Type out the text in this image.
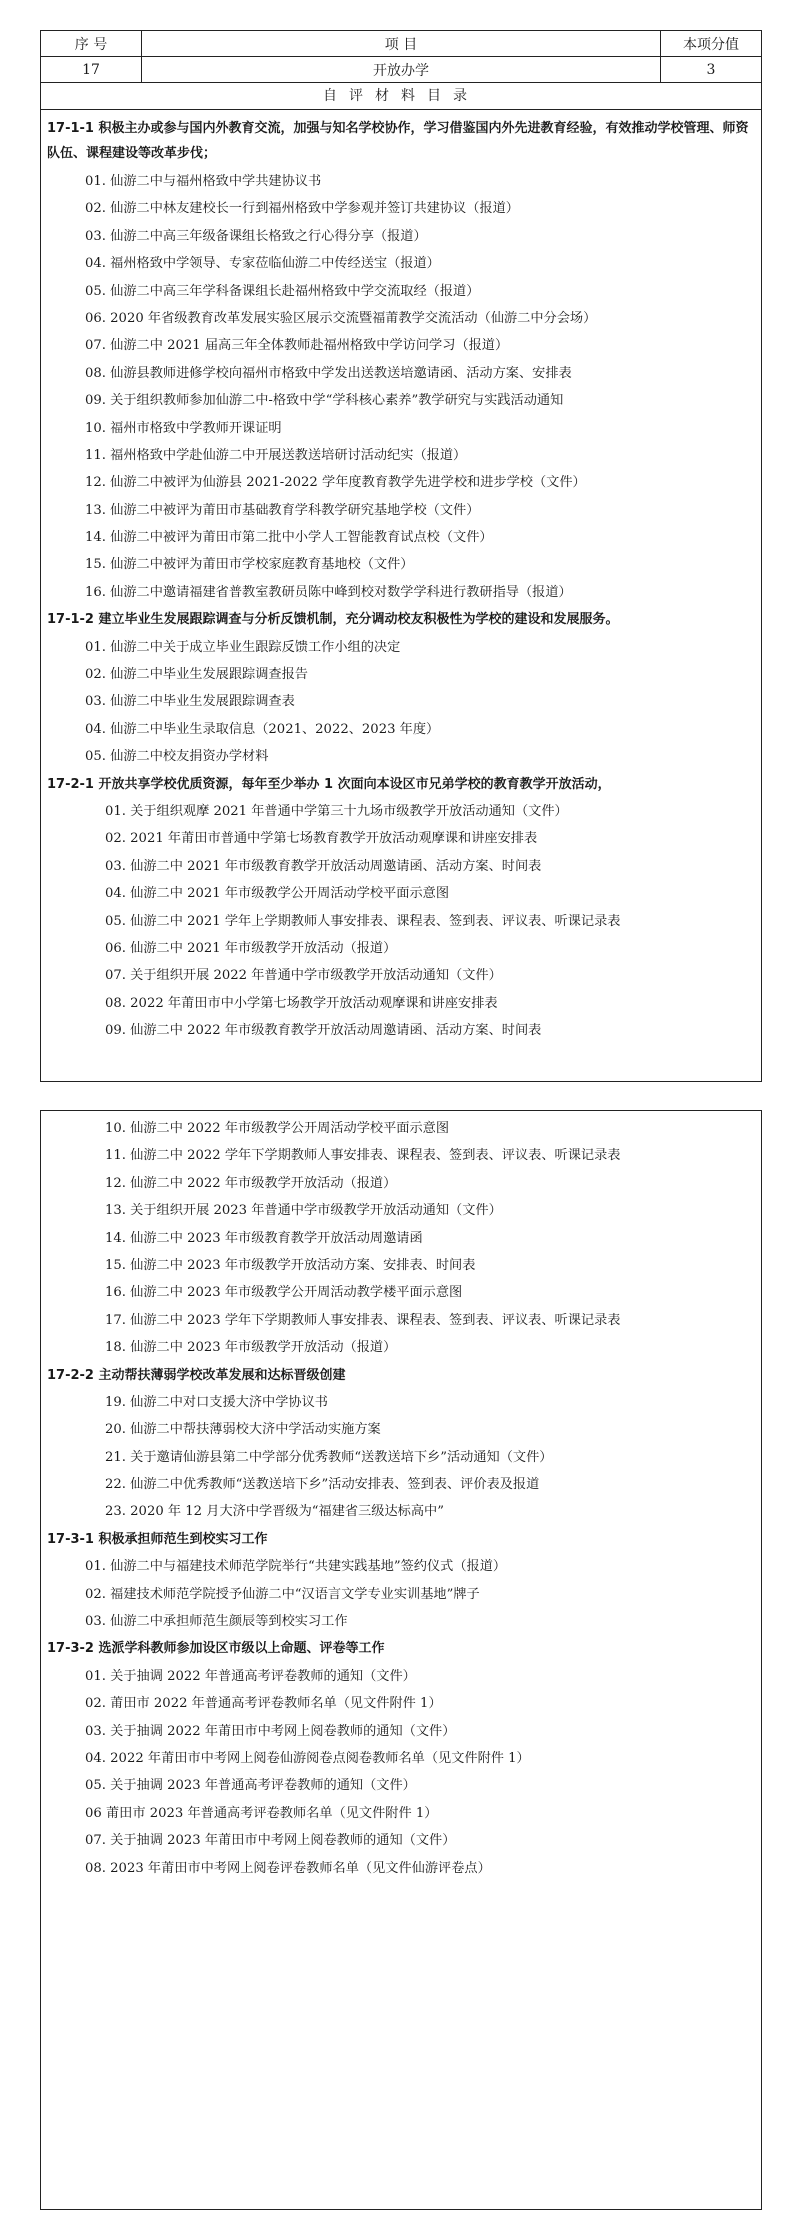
序 号	项 目	本项分值
17	开放办学	3
自评材料目录
17-1-1 积极主办或参与国内外教育交流，加强与知名学校协作，学习借鉴国内外先进教育经验，有效推动学校管理、师资队伍、课程建设等改革步伐；
01. 仙游二中与福州格致中学共建协议书
02. 仙游二中林友建校长一行到福州格致中学参观并签订共建协议（报道）
03. 仙游二中高三年级备课组长格致之行心得分享（报道）
04. 福州格致中学领导、专家莅临仙游二中传经送宝（报道）
05. 仙游二中高三年学科备课组长赴福州格致中学交流取经（报道）
06. 2020 年省级教育改革发展实验区展示交流暨福莆教学交流活动（仙游二中分会场）
07. 仙游二中 2021 届高三年全体教师赴福州格致中学访问学习（报道）
08. 仙游县教师进修学校向福州市格致中学发出送教送培邀请函、活动方案、安排表
09. 关于组织教师参加仙游二中-格致中学“学科核心素养”教学研究与实践活动通知
10. 福州市格致中学教师开课证明
11. 福州格致中学赴仙游二中开展送教送培研讨活动纪实（报道）
12. 仙游二中被评为仙游县 2021-2022 学年度教育教学先进学校和进步学校（文件）
13. 仙游二中被评为莆田市基础教育学科教学研究基地学校（文件）
14. 仙游二中被评为莆田市第二批中小学人工智能教育试点校（文件）
15. 仙游二中被评为莆田市学校家庭教育基地校（文件）
16. 仙游二中邀请福建省普教室教研员陈中峰到校对数学学科进行教研指导（报道）
17-1-2 建立毕业生发展跟踪调查与分析反馈机制，充分调动校友积极性为学校的建设和发展服务。
01. 仙游二中关于成立毕业生跟踪反馈工作小组的决定
02. 仙游二中毕业生发展跟踪调查报告
03. 仙游二中毕业生发展跟踪调查表
04. 仙游二中毕业生录取信息（2021、2022、2023 年度）
05. 仙游二中校友捐资办学材料
17-2-1 开放共享学校优质资源，每年至少举办 1 次面向本设区市兄弟学校的教育教学开放活动，
01. 关于组织观摩 2021 年普通中学第三十九场市级教学开放活动通知（文件）
02. 2021 年莆田市普通中学第七场教育教学开放活动观摩课和讲座安排表
03. 仙游二中 2021 年市级教育教学开放活动周邀请函、活动方案、时间表
04. 仙游二中 2021 年市级教学公开周活动学校平面示意图
05. 仙游二中 2021 学年上学期教师人事安排表、课程表、签到表、评议表、听课记录表
06. 仙游二中 2021 年市级教学开放活动（报道）
07. 关于组织开展 2022 年普通中学市级教学开放活动通知（文件）
08. 2022 年莆田市中小学第七场教学开放活动观摩课和讲座安排表
09. 仙游二中 2022 年市级教育教学开放活动周邀请函、活动方案、时间表
10. 仙游二中 2022 年市级教学公开周活动学校平面示意图
11. 仙游二中 2022 学年下学期教师人事安排表、课程表、签到表、评议表、听课记录表
12. 仙游二中 2022 年市级教学开放活动（报道）
13. 关于组织开展 2023 年普通中学市级教学开放活动通知（文件）
14. 仙游二中 2023 年市级教育教学开放活动周邀请函
15. 仙游二中 2023 年市级教学开放活动方案、安排表、时间表
16. 仙游二中 2023 年市级教学公开周活动教学楼平面示意图
17. 仙游二中 2023 学年下学期教师人事安排表、课程表、签到表、评议表、听课记录表
18. 仙游二中 2023 年市级教学开放活动（报道）
17-2-2 主动帮扶薄弱学校改革发展和达标晋级创建
19. 仙游二中对口支援大济中学协议书
20. 仙游二中帮扶薄弱校大济中学活动实施方案
21. 关于邀请仙游县第二中学部分优秀教师“送教送培下乡”活动通知（文件）
22. 仙游二中优秀教师“送教送培下乡”活动安排表、签到表、评价表及报道
23. 2020 年 12 月大济中学晋级为“福建省三级达标高中”
17-3-1 积极承担师范生到校实习工作
01. 仙游二中与福建技术师范学院举行“共建实践基地”签约仪式（报道）
02. 福建技术师范学院授予仙游二中“汉语言文学专业实训基地”牌子
03. 仙游二中承担师范生颜辰等到校实习工作
17-3-2 选派学科教师参加设区市级以上命题、评卷等工作
01. 关于抽调 2022 年普通高考评卷教师的通知（文件）
02. 莆田市 2022 年普通高考评卷教师名单（见文件附件 1）
03. 关于抽调 2022 年莆田市中考网上阅卷教师的通知（文件）
04. 2022 年莆田市中考网上阅卷仙游阅卷点阅卷教师名单（见文件附件 1）
05. 关于抽调 2023 年普通高考评卷教师的通知（文件）
06 莆田市 2023 年普通高考评卷教师名单（见文件附件 1）
07. 关于抽调 2023 年莆田市中考网上阅卷教师的通知（文件）
08. 2023 年莆田市中考网上阅卷评卷教师名单（见文件仙游评卷点）
